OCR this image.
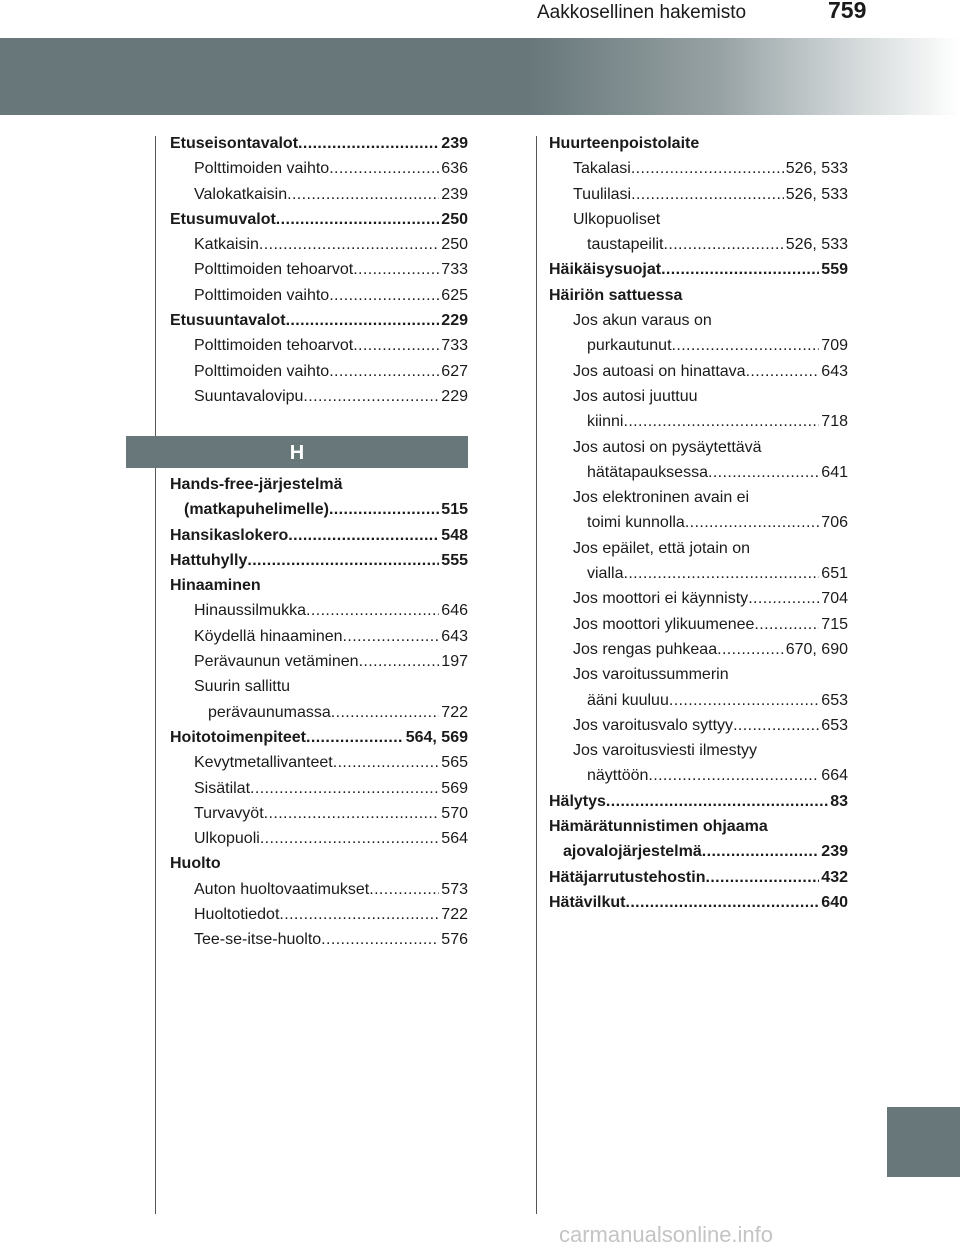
Aakkosellinen hakemisto	759
Etuseisontavalot .....	239
Polttimoiden vaihto .....	636
Valokatkaisin .....	239
Etusumuvalot .....	250
Katkaisin .....	250
Polttimoiden tehoarvot .....	733
Polttimoiden vaihto .....	625
Etusuuntavalot .....	229
Polttimoiden tehoarvot .....	733
Polttimoiden vaihto .....	627
Suuntavalovipu .....	229
H
Hands-free-järjestelmä
(matkapuhelimelle) .....	515
Hansikaslokero .....	548
Hattuhylly .....	555
Hinaaminen
Hinaussilmukka .....	646
Köydellä hinaaminen .....	643
Perävaunun vetäminen .....	197
Suurin sallittu
perävaunumassa .....	722
Hoitotoimenpiteet .....	564, 569
Kevytmetallivanteet .....	565
Sisätilat .....	569
Turvavyöt .....	570
Ulkopuoli .....	564
Huolto
Auton huoltovaatimukset .....	573
Huoltotiedot .....	722
Tee-se-itse-huolto .....	576
Huurteenpoistolaite
Takalasi .....	526, 533
Tuulilasi .....	526, 533
Ulkopuoliset
taustapeilit .....	526, 533
Häikäisysuojat .....	559
Häiriön sattuessa
Jos akun varaus on
purkautunut .....	709
Jos autoasi on hinattava .....	643
Jos autosi juuttuu
kiinni .....	718
Jos autosi on pysäytettävä
hätätapauksessa .....	641
Jos elektroninen avain ei
toimi kunnolla .....	706
Jos epäilet, että jotain on
vialla .....	651
Jos moottori ei käynnisty .....	704
Jos moottori ylikuumenee .....	715
Jos rengas puhkeaa .....	670, 690
Jos varoitussummerin
ääni kuuluu .....	653
Jos varoitusvalo syttyy .....	653
Jos varoitusviesti ilmestyy
näyttöön .....	664
Hälytys .....	83
Hämärätunnistimen ohjaama
ajovalojärjestelmä .....	239
Hätäjarrutustehostin .....	432
Hätävilkut .....	640
carmanualsonline.info
